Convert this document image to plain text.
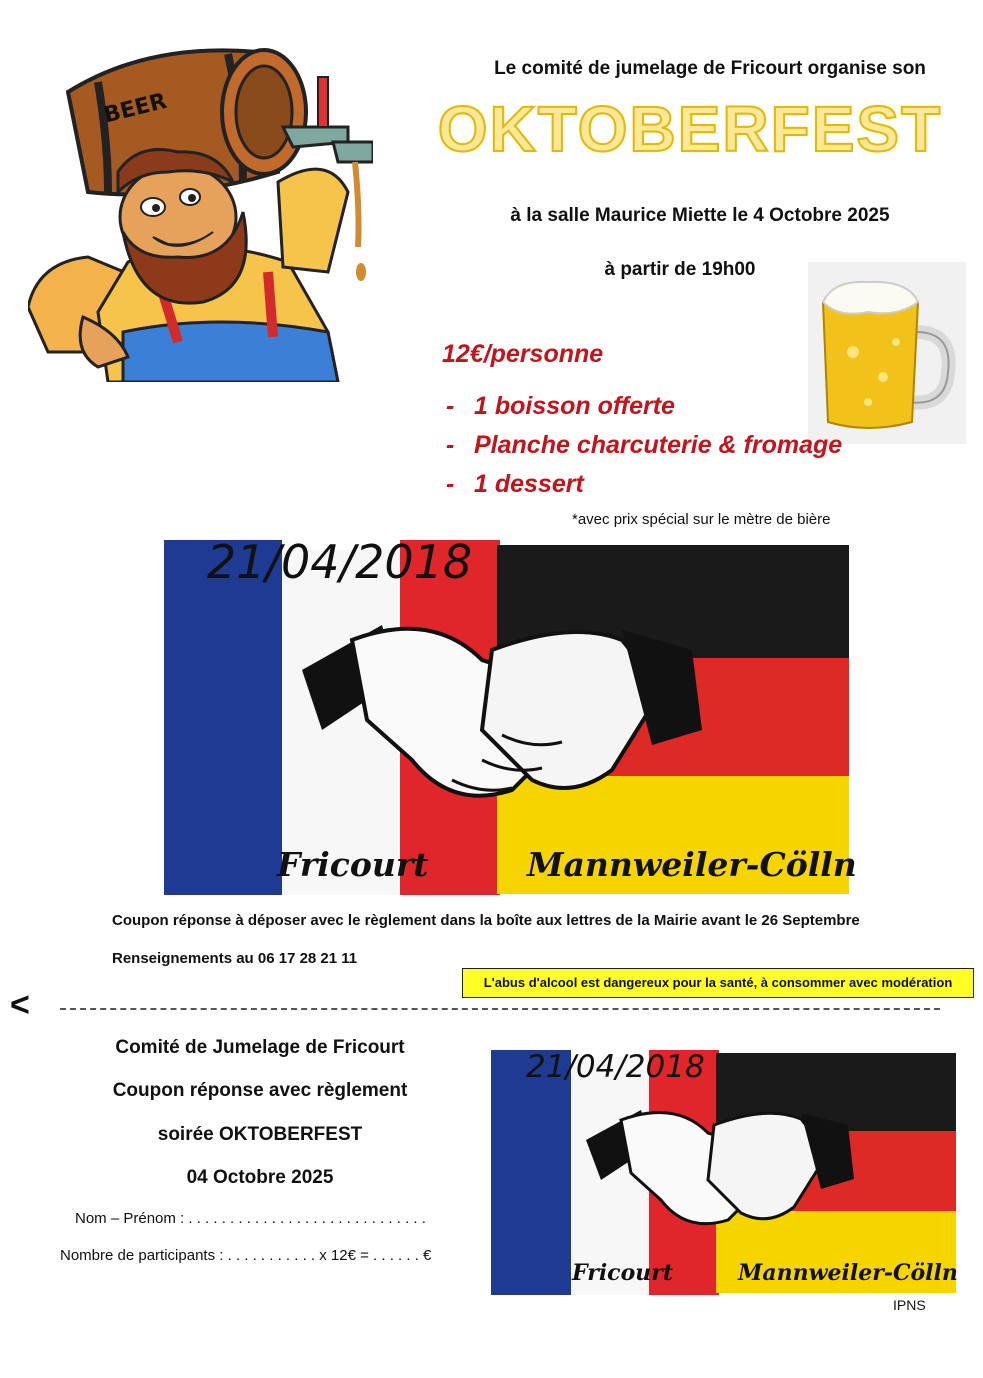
BEER
Le comité de jumelage de Fricourt organise son
OKTOBERFEST
à la salle Maurice Miette le 4 Octobre 2025
à partir de 19h00
12€/personne
- 1 boisson offerte
- Planche charcuterie & fromage
- 1 dessert
*avec prix spécial sur le mètre de bière
21/04/2018
Fricourt	Mannweiler-Cölln
Coupon réponse à déposer avec le règlement dans la boîte aux lettres de la Mairie avant le 26 Septembre
Renseignements au 06 17 28 21 11
L'abus d'alcool est dangereux pour la santé, à consommer avec modération
<
Comité de Jumelage de Fricourt
Coupon réponse avec règlement
soirée OKTOBERFEST
04 Octobre 2025
Nom – Prénom : . . . . . . . . . . . . . . . . . . . . . . . . . . . . .
Nombre de participants : . . . . . . . . . . . x 12€ = . . . . . . €
21/04/2018
Fricourt	Mannweiler-Cölln
IPNS
